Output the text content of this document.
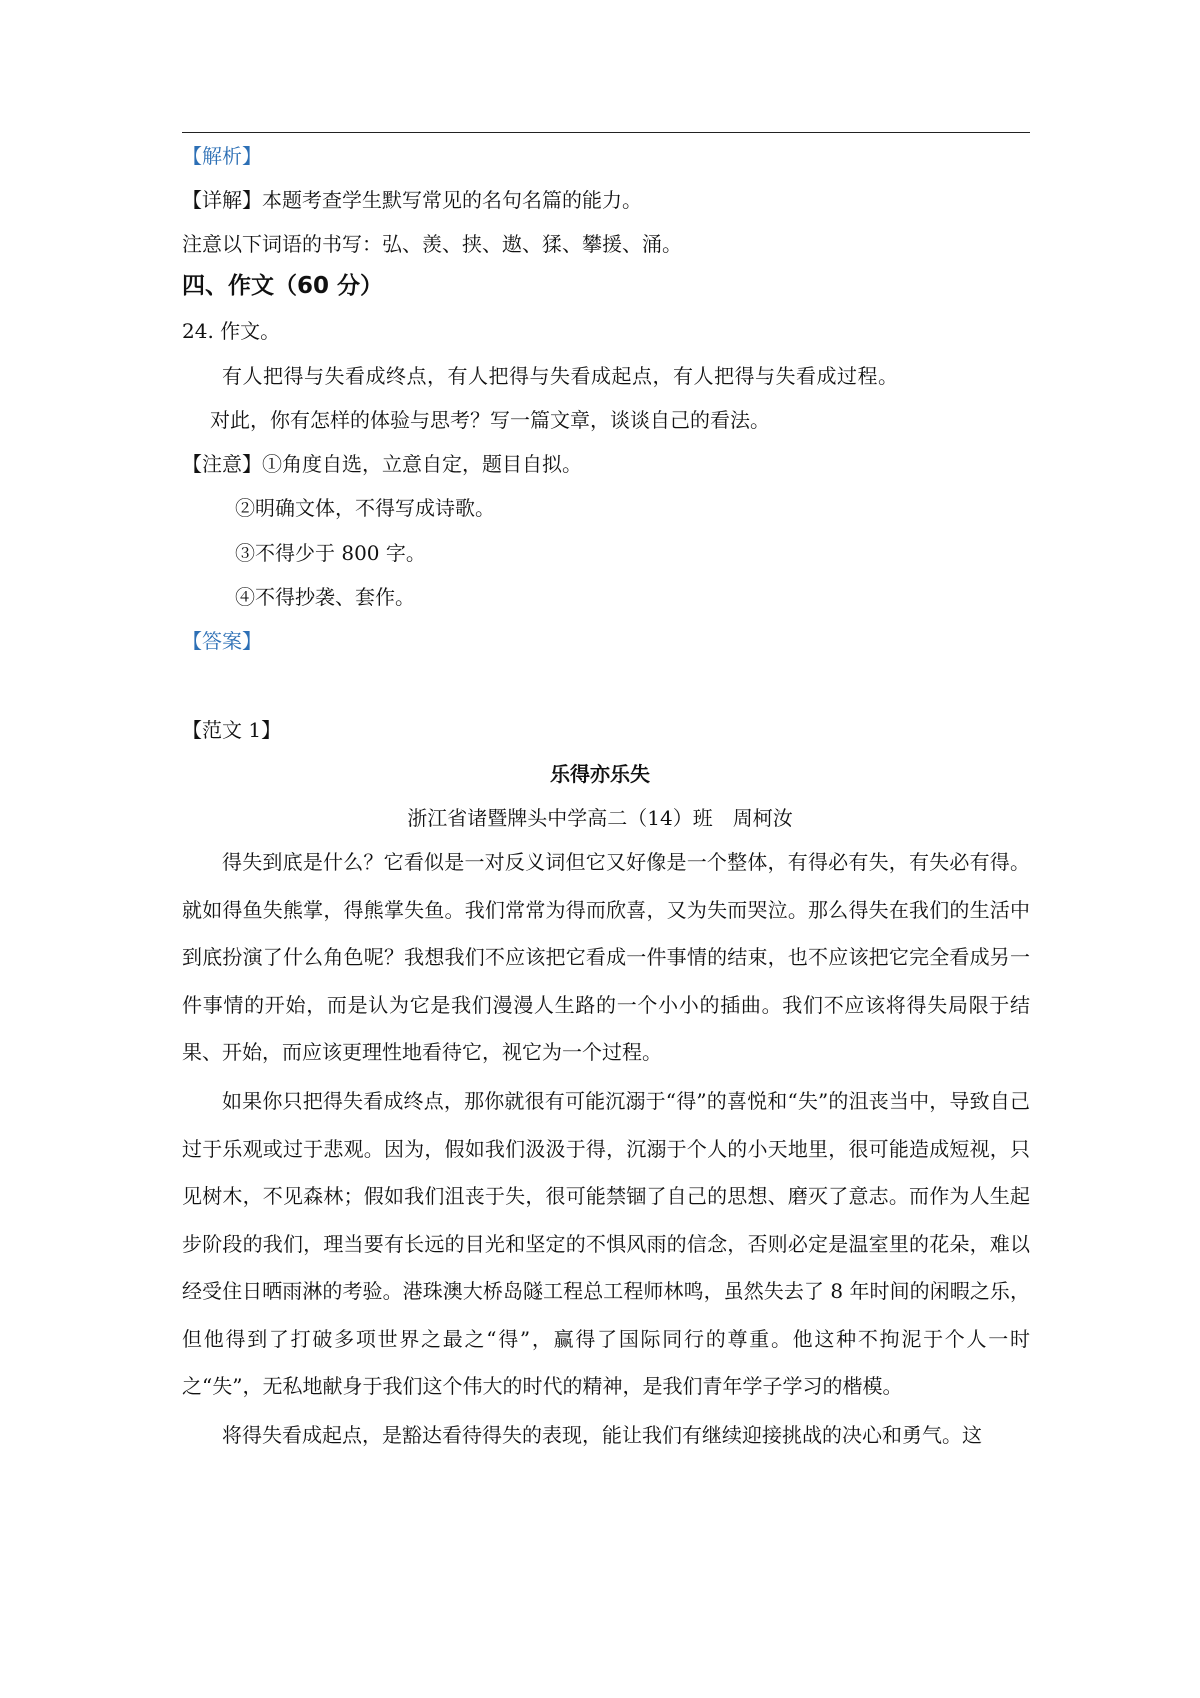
【解析】
【详解】本题考查学生默写常见的名句名篇的能力。
注意以下词语的书写：弘、羡、挟、遨、猱、攀援、涌。
四、作文（60 分）
24. 作文。
有人把得与失看成终点，有人把得与失看成起点，有人把得与失看成过程。
对此，你有怎样的体验与思考？写一篇文章，谈谈自己的看法。
【注意】①角度自选，立意自定，题目自拟。
②明确文体，不得写成诗歌。
③不得少于 800 字。
④不得抄袭、套作。
【答案】
【范文 1】
乐得亦乐失
浙江省诸暨牌头中学高二（14）班　周柯汝
得失到底是什么？它看似是一对反义词但它又好像是一个整体，有得必有失，有失必有得。就如得鱼失熊掌，得熊掌失鱼。我们常常为得而欣喜，又为失而哭泣。那么得失在我们的生活中到底扮演了什么角色呢？我想我们不应该把它看成一件事情的结束，也不应该把它完全看成另一件事情的开始，而是认为它是我们漫漫人生路的一个小小的插曲。我们不应该将得失局限于结果、开始，而应该更理性地看待它，视它为一个过程。
如果你只把得失看成终点，那你就很有可能沉溺于“得”的喜悦和“失”的沮丧当中，导致自己过于乐观或过于悲观。因为，假如我们汲汲于得，沉溺于个人的小天地里，很可能造成短视，只见树木，不见森林；假如我们沮丧于失，很可能禁锢了自己的思想、磨灭了意志。而作为人生起步阶段的我们，理当要有长远的目光和坚定的不惧风雨的信念，否则必定是温室里的花朵，难以经受住日晒雨淋的考验。港珠澳大桥岛隧工程总工程师林鸣，虽然失去了 8 年时间的闲暇之乐，但他得到了打破多项世界之最之“得”，赢得了国际同行的尊重。他这种不拘泥于个人一时之“失”，无私地献身于我们这个伟大的时代的精神，是我们青年学子学习的楷模。
将得失看成起点，是豁达看待得失的表现，能让我们有继续迎接挑战的决心和勇气。这
